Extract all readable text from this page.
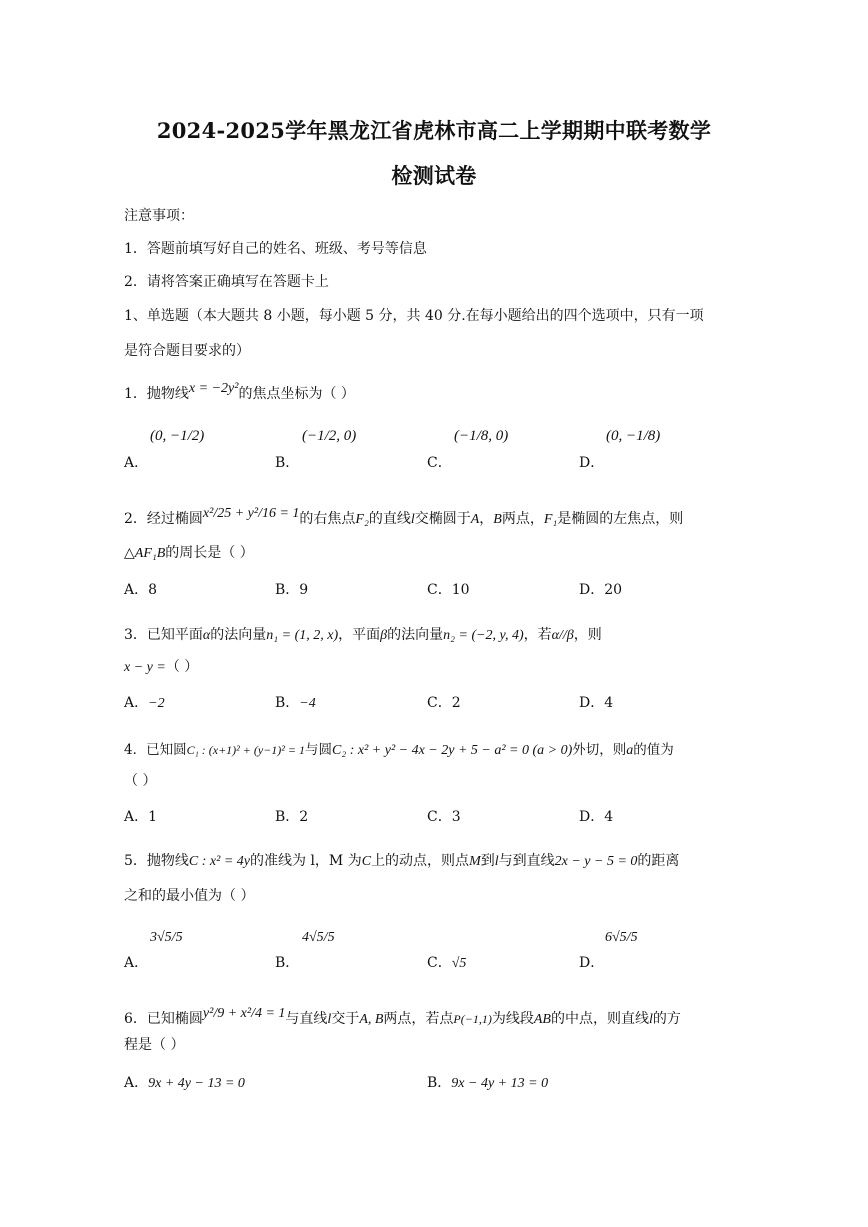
2024-2025学年黑龙江省虎林市高二上学期期中联考数学
检测试卷
注意事项：
1．答题前填写好自己的姓名、班级、考号等信息
2．请将答案正确填写在答题卡上
1、单选题（本大题共 8 小题，每小题 5 分，共 40 分.在每小题给出的四个选项中，只有一项
是符合题目要求的）
1．抛物线x = −2y²的焦点坐标为（ ）
A．
(0, −1/2)
B．
(−1/2, 0)
C．
(−1/8, 0)
D．
(0, −1/8)
2．经过椭圆x²/25 + y²/16 = 1的右焦点F₂的直线l交椭圆于A，B两点，F₁是椭圆的左焦点，则
△AF₁B的周长是（ ）
A．8	B．9	C．10	D．20
3．已知平面α的法向量n₁ = (1, 2, x)，平面β的法向量n₂ = (−2, y, 4)，若α//β，则
x − y =（ ）
A．−2	B．−4	C．2	D．4
4．已知圆C₁ : (x+1)² + (y−1)² = 1与圆C₂ : x² + y² − 4x − 2y + 5 − a² = 0 (a > 0)外切，则a的值为
（ ）
A．1	B．2	C．3	D．4
5．抛物线C : x² = 4y的准线为 l，M 为C上的动点，则点M到l与到直线2x − y − 5 = 0的距离
之和的最小值为（ ）
A．
3√5/5
B．
4√5/5
C．√5	D．
6√5/5
6．已知椭圆y²/9 + x²/4 = 1与直线l交于A, B两点，若点P(−1,1)为线段AB的中点，则直线l的方
程是（ ）
A．9x + 4y − 13 = 0	B．9x − 4y + 13 = 0
